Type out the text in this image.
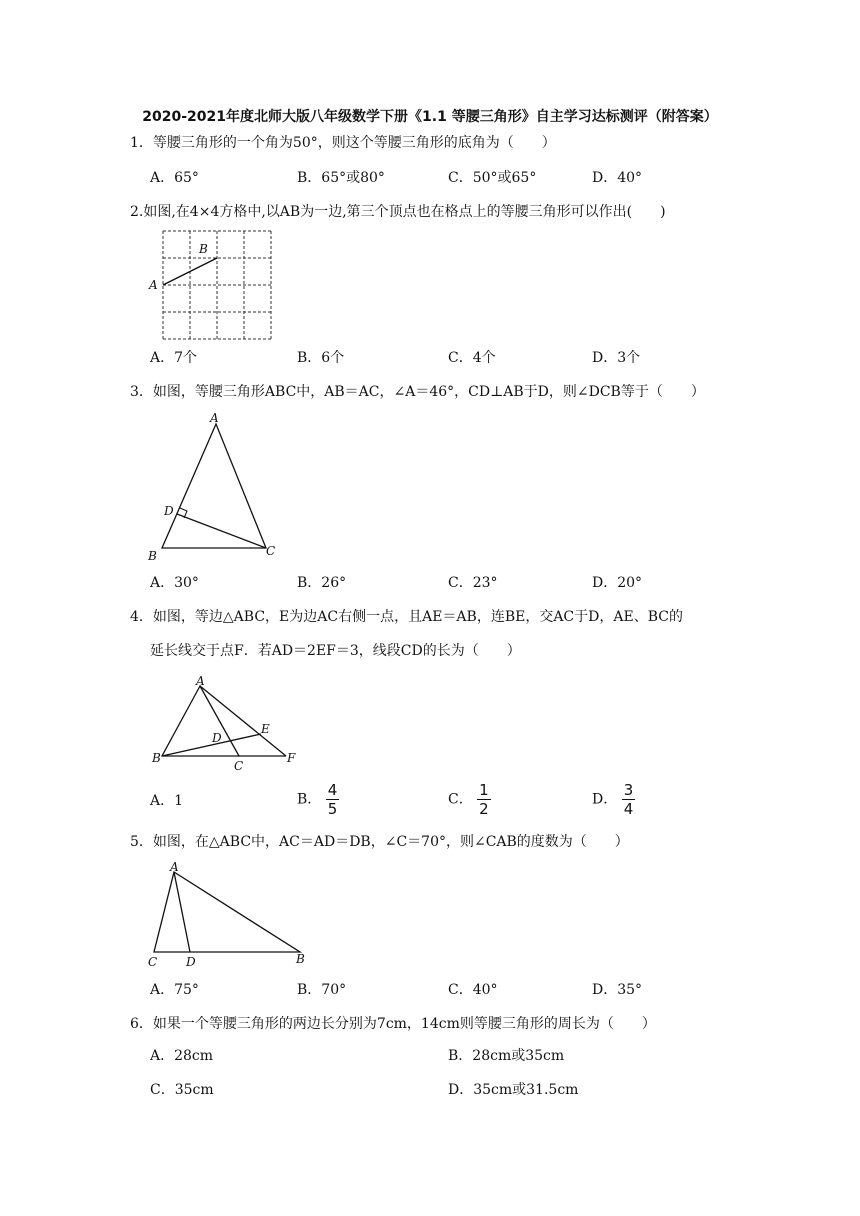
2020-2021年度北师大版八年级数学下册《1.1 等腰三角形》自主学习达标测评（附答案）
1．等腰三角形的一个角为50°，则这个等腰三角形的底角为（　　）
A．65°	B．65°或80°	C．50°或65°	D．40°
2.如图,在4×4方格中,以AB为一边,第三个顶点也在格点上的等腰三角形可以作出(　　)
A
B
A．7个	B．6个	C．4个	D．3个
3．如图，等腰三角形ABC中，AB＝AC，∠A＝46°，CD⊥AB于D，则∠DCB等于（　　）
A
D
B	C
A．30°	B．26°	C．23°	D．20°
4．如图，等边△ABC，E为边AC右侧一点，且AE＝AB，连BE，交AC于D，AE、BC的
延长线交于点F．若AD＝2EF＝3，线段CD的长为（　　）
A
E
D
B
C
F
A．1	B． $\frac{4}{5}$	C． $\frac{1}{2}$	D． $\frac{3}{4}$
5．如图，在△ABC中，AC＝AD＝DB，∠C＝70°，则∠CAB的度数为（　　）
A
C D	B
A．75°	B．70°	C．40°	D．35°
6．如果一个等腰三角形的两边长分别为7cm，14cm则等腰三角形的周长为（　　）
A．28cm	B．28cm或35cm
C．35cm	D．35cm或31.5cm
